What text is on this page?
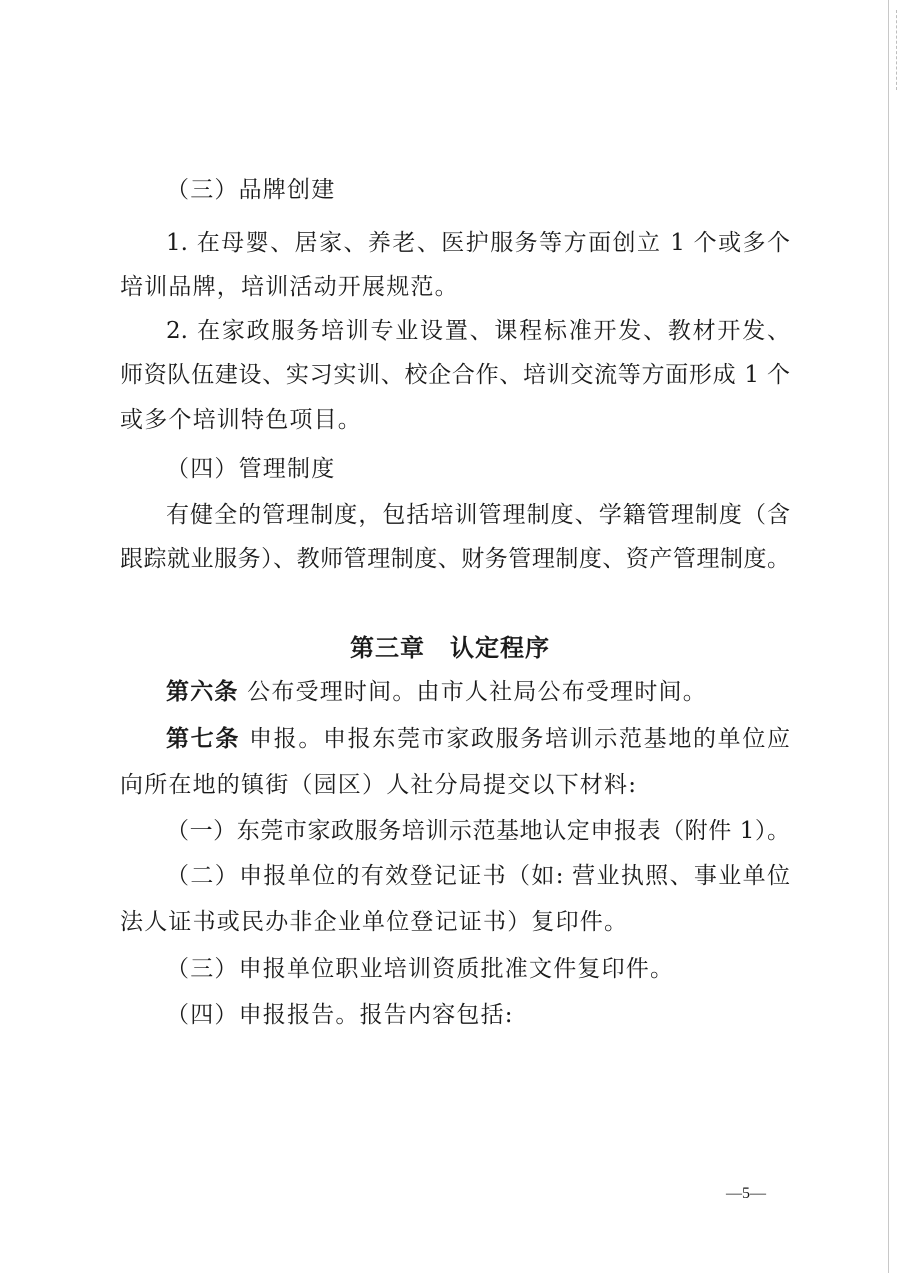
（三）品牌创建
1. 在母婴、居家、养老、医护服务等方面创立 1 个或多个
培训品牌，培训活动开展规范。
2. 在家政服务培训专业设置、课程标准开发、教材开发、
师资队伍建设、实习实训、校企合作、培训交流等方面形成 1 个
或多个培训特色项目。
（四）管理制度
有健全的管理制度，包括培训管理制度、学籍管理制度（含
跟踪就业服务）、教师管理制度、财务管理制度、资产管理制度。
第三章　认定程序
第六条 公布受理时间。由市人社局公布受理时间。
第七条 申报。申报东莞市家政服务培训示范基地的单位应
向所在地的镇街（园区）人社分局提交以下材料:
（一）东莞市家政服务培训示范基地认定申报表（附件 1）。
（二）申报单位的有效登记证书（如: 营业执照、事业单位
法人证书或民办非企业单位登记证书）复印件。
（三）申报单位职业培训资质批准文件复印件。
（四）申报报告。报告内容包括:
—5—
